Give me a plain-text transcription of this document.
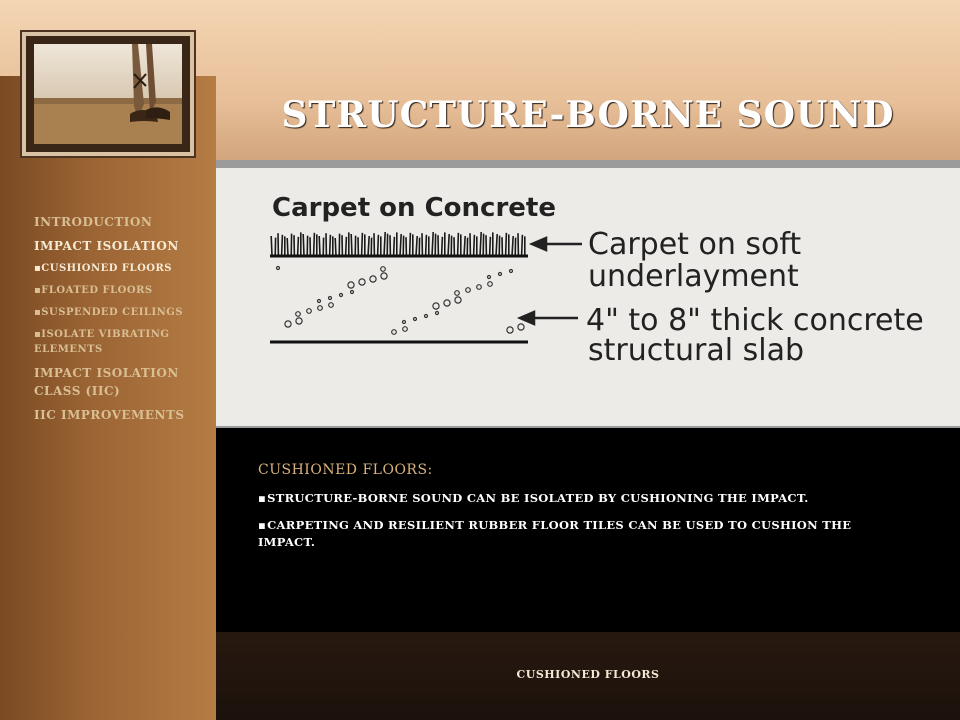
INTRODUCTION
IMPACT ISOLATION
▪CUSHIONED FLOORS
▪FLOATED FLOORS
▪SUSPENDED CEILINGS
▪ISOLATE VIBRATING ELEMENTS
IMPACT ISOLATION CLASS (IIC)
IIC IMPROVEMENTS
STRUCTURE-BORNE SOUND
Carpet on Concrete
Carpet on soft
underlayment
4" to 8" thick concrete
structural slab

CUSHIONED FLOORS:

▪STRUCTURE-BORNE SOUND CAN BE ISOLATED BY CUSHIONING THE IMPACT.

▪CARPETING AND RESILIENT RUBBER FLOOR TILES CAN BE USED TO CUSHION THE IMPACT.

CUSHIONED FLOORS
